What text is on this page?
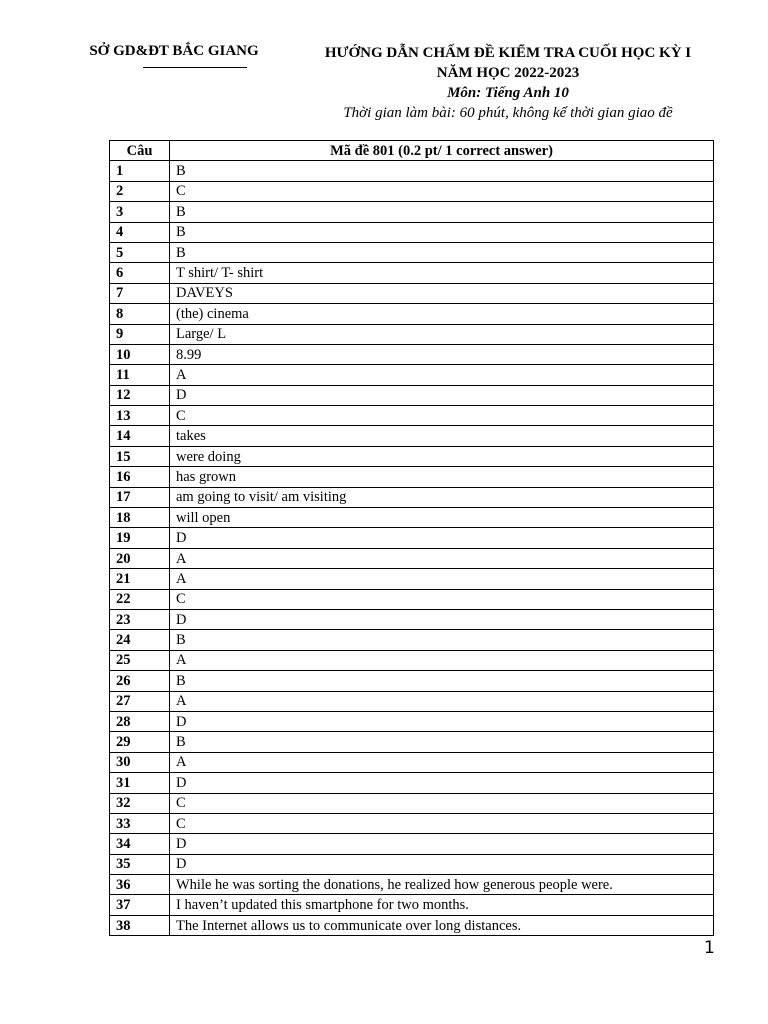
SỞ GD&ĐT BẮC GIANG	HƯỚNG DẪN CHẤM ĐỀ KIỂM TRA CUỐI HỌC KỲ I
NĂM HỌC 2022-2023
Môn: Tiếng Anh 10
Thời gian làm bài: 60 phút, không kể thời gian giao đề
Câu	Mã đề 801 (0.2 pt/ 1 correct answer)
1	B
2	C
3	B
4	B
5	B
6	T shirt/ T- shirt
7	DAVEYS
8	(the) cinema
9	Large/ L
10	8.99
11	A
12	D
13	C
14	takes
15	were doing
16	has grown
17	am going to visit/ am visiting
18	will open
19	D
20	A
21	A
22	C
23	D
24	B
25	A
26	B
27	A
28	D
29	B
30	A
31	D
32	C
33	C
34	D
35	D
36	While he was sorting the donations, he realized how generous people were.
37	I haven’t updated this smartphone for two months.
38	The Internet allows us to communicate over long distances.
1
